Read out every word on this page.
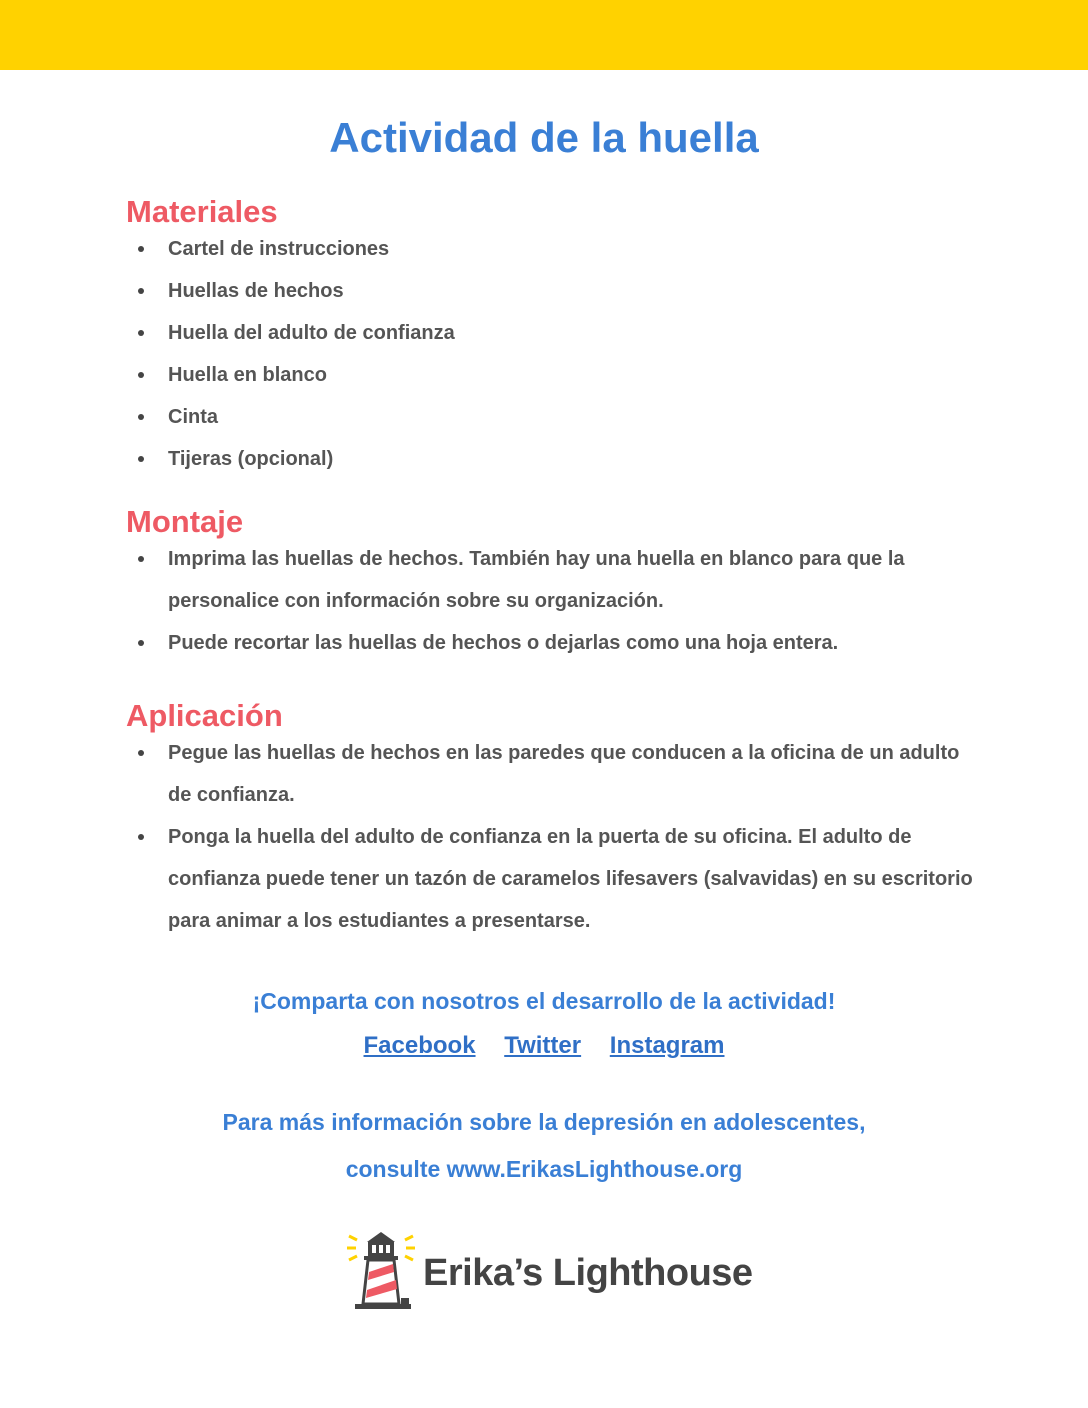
Actividad de la huella
Materiales
Cartel de instrucciones
Huellas de hechos
Huella del adulto de confianza
Huella en blanco
Cinta
Tijeras (opcional)
Montaje
Imprima las huellas de hechos. También hay una huella en blanco para que la personalice con información sobre su organización.
Puede recortar las huellas de hechos o dejarlas como una hoja entera.
Aplicación
Pegue las huellas de hechos en las paredes que conducen a la oficina de un adulto de confianza.
Ponga la huella del adulto de confianza en la puerta de su oficina. El adulto de confianza puede tener un tazón de caramelos lifesavers (salvavidas) en su escritorio para animar a los estudiantes a presentarse.
¡Comparta con nosotros el desarrollo de la actividad!
Facebook Twitter Instagram
Para más información sobre la depresión en adolescentes,
consulte www.ErikasLighthouse.org
Erika’s Lighthouse
